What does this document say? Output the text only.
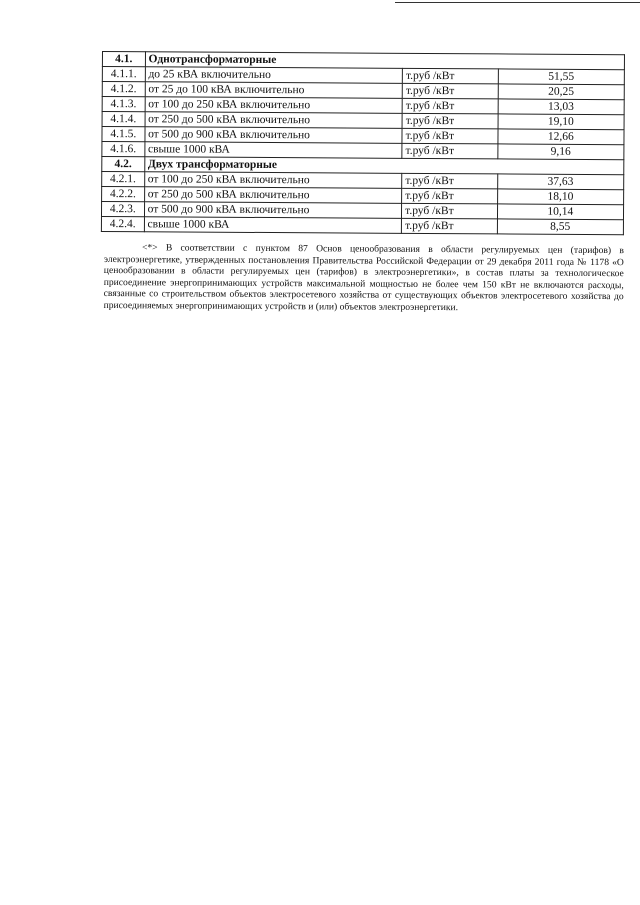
4.1.	Однотрансформаторные		
4.1.1.	до 25 кВА включительно	т.руб /кВт	51,55
4.1.2.	от 25 до 100 кВА включительно	т.руб /кВт	20,25
4.1.3.	от 100 до 250 кВА включительно	т.руб /кВт	13,03
4.1.4.	от 250 до 500 кВА включительно	т.руб /кВт	19,10
4.1.5.	от 500 до 900 кВА включительно	т.руб /кВт	12,66
4.1.6.	свыше 1000 кВА	т.руб /кВт	9,16
4.2.	Двух трансформаторные		
4.2.1.	от 100 до 250 кВА включительно	т.руб /кВт	37,63
4.2.2.	от 250 до 500 кВА включительно	т.руб /кВт	18,10
4.2.3.	от 500 до 900 кВА включительно	т.руб /кВт	10,14
4.2.4.	свыше 1000 кВА	т.руб /кВт	8,55

<*> В соответствии с пунктом 87 Основ ценообразования в области регулируемых цен (тарифов) в электроэнергетике, утвержденных постановления Правительства Российской Федерации от 29 декабря 2011 года № 1178 «О ценообразовании в области регулируемых цен (тарифов) в электроэнергетики», в состав платы за технологическое присоединение энергопринимающих устройств максимальной мощностью не более чем 150 кВт не включаются расходы, связанные со строительством объектов электросетевого хозяйства от существующих объектов электросетевого хозяйства до присоединяемых энергопринимающих устройств и (или) объектов электроэнергетики.
